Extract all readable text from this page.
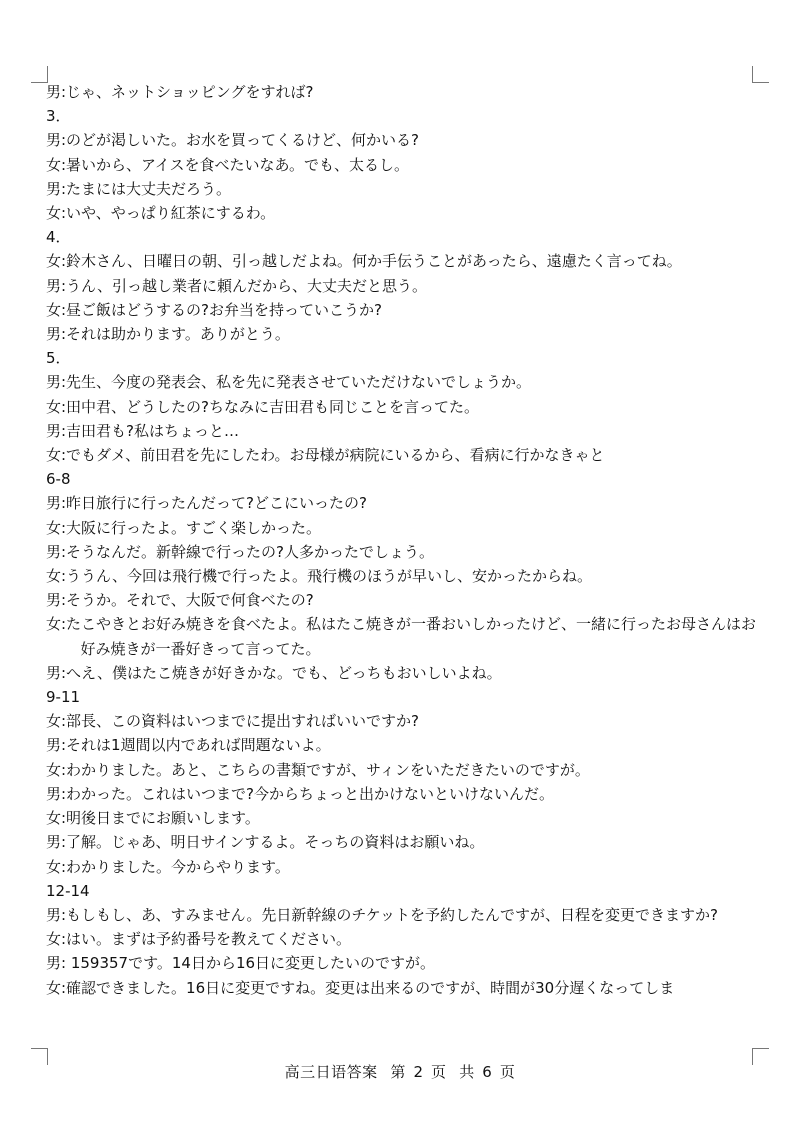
男:じゃ、ネットショッピングをすれば?
3．
男:のどが渇しいた。お水を買ってくるけど、何かいる?
女:暑いから、アイスを食べたいなあ。でも、太るし。
男:たまには大丈夫だろう。
女:いや、やっぱり紅茶にするわ。
4．
女:鈴木さん、日曜日の朝、引っ越しだよね。何か手伝うことがあったら、遠慮たく言ってね。
男:うん、引っ越し業者に頼んだから、大丈夫だと思う。
女:昼ご飯はどうするの?お弁当を持っていこうか?
男:それは助かります。ありがとう。
5．
男:先生、今度の発表会、私を先に発表させていただけないでしょうか。
女:田中君、どうしたの?ちなみに吉田君も同じことを言ってた。
男:吉田君も?私はちょっと…
女:でもダメ、前田君を先にしたわ。お母様が病院にいるから、看病に行かなきゃと
6-8
男:昨日旅行に行ったんだって?どこにいったの?
女:大阪に行ったよ。すごく楽しかった。
男:そうなんだ。新幹線で行ったの?人多かったでしょう。
女:ううん、今回は飛行機で行ったよ。飛行機のほうが早いし、安かったからね。
男:そうか。それで、大阪で何食べたの?
女:たこやきとお好み焼きを食べたよ。私はたこ焼きが一番おいしかったけど、一緒に行ったお母さんはお好み焼きが一番好きって言ってた。
男:へえ、僕はたこ焼きが好きかな。でも、どっちもおいしいよね。
9-11
女:部長、この資料はいつまでに提出すればいいですか?
男:それは1週間以内であれば問題ないよ。
女:わかりました。あと、こちらの書類ですが、サィンをいただきたいのですが。
男:わかった。これはいつまで?今からちょっと出かけないといけないんだ。
女:明後日までにお願いします。
男:了解。じゃあ、明日サインするよ。そっちの資料はお願いね。
女:わかりました。今からやります。
12-14
男:もしもし、あ、すみません。先日新幹線のチケットを予約したんですが、日程を変更できますか?
女:はい。まずは予約番号を教えてください。
男: 159357です。14日から16日に変更したいのですが。
女:確認できました。16日に変更ですね。変更は出来るのですが、時間が30分遅くなってしま
高三日语答案 第 2 页 共 6 页
